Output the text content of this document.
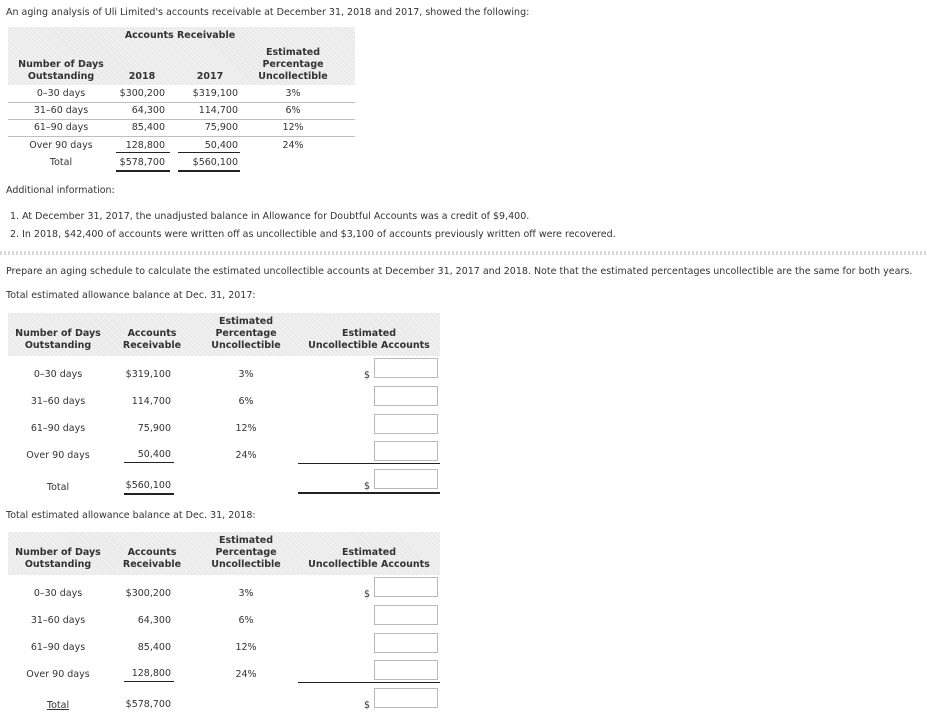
An aging analysis of Uli Limited's accounts receivable at December 31, 2018 and 2017, showed the following:
Accounts Receivable
Number of Days
Outstanding	2018	2017
Estimated
Percentage
Uncollectible
0–30 days	$300,200	$319,100	3%
31–60 days	64,300	114,700	6%
61–90 days	85,400	75,900	12%
Over 90 days	128,800	50,400	24%
Total	$578,700	$560,100
Additional information:
1. At December 31, 2017, the unadjusted balance in Allowance for Doubtful Accounts was a credit of $9,400.
2. In 2018, $42,400 of accounts were written off as uncollectible and $3,100 of accounts previously written off were recovered.
Prepare an aging schedule to calculate the estimated uncollectible accounts at December 31, 2017 and 2018. Note that the estimated percentages uncollectible are the same for both years.
Total estimated allowance balance at Dec. 31, 2017:
Number of Days
Outstanding
Accounts
Receivable
Estimated
Percentage
Uncollectible
Estimated
Uncollectible Accounts
0–30 days	$319,100	3%	$
31–60 days	114,700	6%
61–90 days	75,900	12%
Over 90 days	50,400	24%
Total	$560,100	$
Total estimated allowance balance at Dec. 31, 2018:
Number of Days
Outstanding
Accounts
Receivable
Estimated
Percentage
Uncollectible
Estimated
Uncollectible Accounts
0–30 days	$300,200	3%	$
31–60 days	64,300	6%
61–90 days	85,400	12%
Over 90 days	128,800	24%
Total	$578,700	$
